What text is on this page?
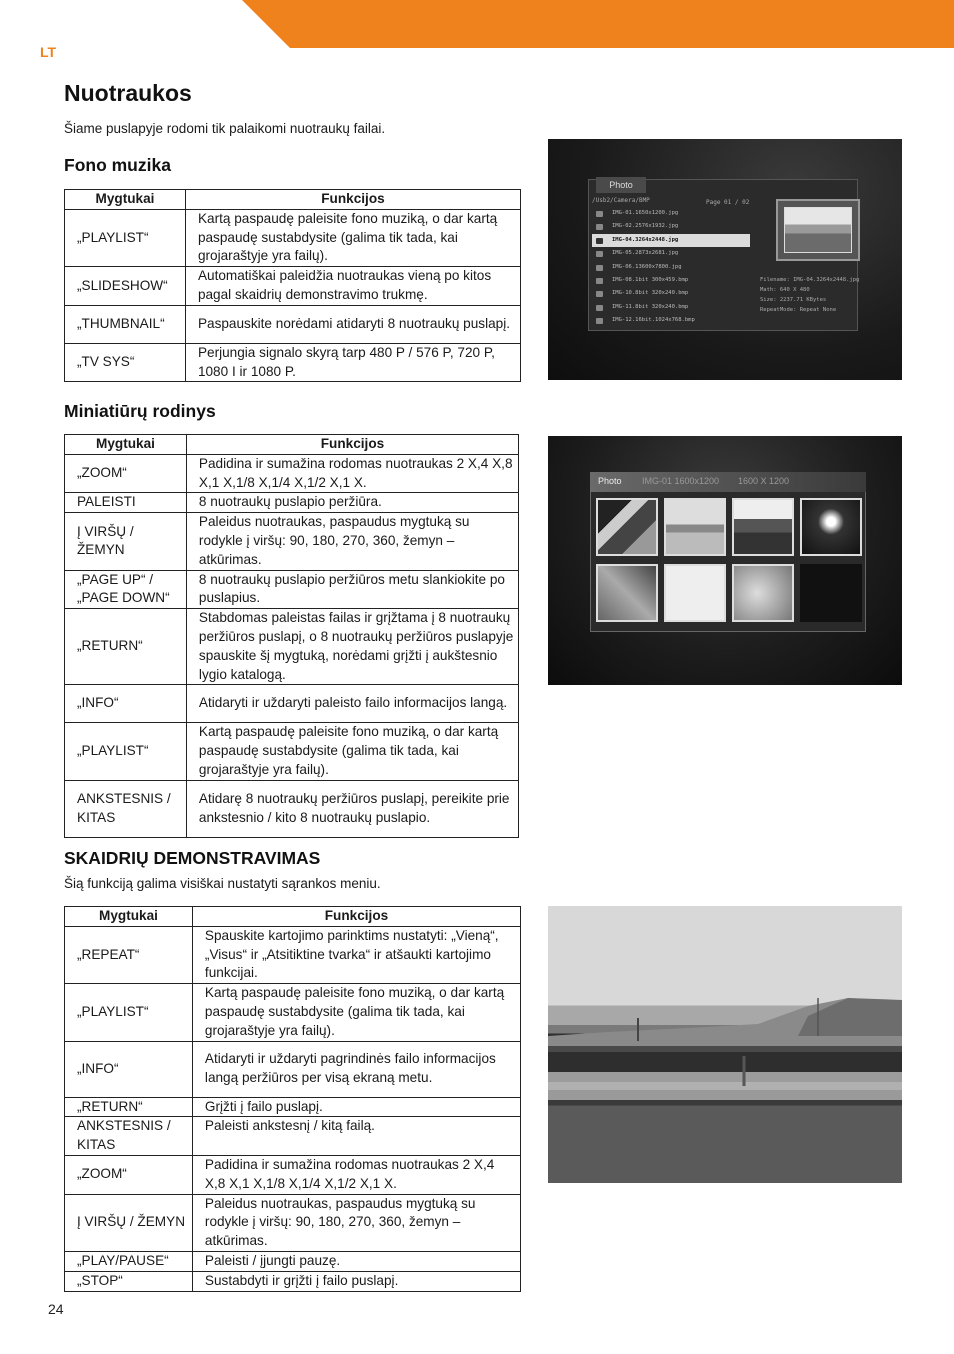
LT
Nuotraukos

Šiame puslapyje rodomi tik palaikomi nuotraukų failai.

Fono muzika
Mygtukai	Funkcijos
„PLAYLIST“	Kartą paspaudę paleisite fono muziką, o dar kartą paspaudę sustabdysite (galima tik tada, kai grojaraštyje yra failų).
„SLIDESHOW“	Automatiškai paleidžia nuotraukas vieną po kitos pagal skaidrių demonstravimo trukmę.
„THUMBNAIL“	Paspauskite norėdami atidaryti 8 nuotraukų puslapį.
„TV SYS“	Perjungia signalo skyrą tarp 480 P / 576 P, 720 P, 1080 I ir 1080 P.
Miniatiūrų rodinys
Mygtukai	Funkcijos
„ZOOM“	Padidina ir sumažina rodomas nuotraukas 2 X,4 X,8 X,1 X,1/8 X,1/4 X,1/2 X,1 X.
PALEISTI	8 nuotraukų puslapio peržiūra.
Į VIRŠŲ / ŽEMYN	Paleidus nuotraukas, paspaudus mygtuką su rodykle į viršų: 90, 180, 270, 360, žemyn – atkūrimas.
„PAGE UP“ / „PAGE DOWN“	8 nuotraukų puslapio peržiūros metu slankiokite po puslapius.
„RETURN“	Stabdomas paleistas failas ir grįžtama į 8 nuotraukų peržiūros puslapį, o 8 nuotraukų peržiūros puslapyje spauskite šį mygtuką, norėdami grįžti į aukštesnio lygio katalogą.
„INFO“	Atidaryti ir uždaryti paleisto failo informacijos langą.
„PLAYLIST“	Kartą paspaudę paleisite fono muziką, o dar kartą paspaudę sustabdysite (galima tik tada, kai grojaraštyje yra failų).
ANKSTESNIS / KITAS	Atidarę 8 nuotraukų peržiūros puslapį, pereikite prie ankstesnio / kito 8 nuotraukų puslapio.
SKAIDRIŲ DEMONSTRAVIMAS

Šią funkciją galima visiškai nustatyti sąrankos meniu.

Mygtukai	Funkcijos
„REPEAT“	Spauskite kartojimo parinktims nustatyti: „Vieną“,„Visus“ ir „Atsitiktine tvarka“ ir atšaukti kartojimo funkcijai.
„PLAYLIST“	Kartą paspaudę paleisite fono muziką, o dar kartą paspaudę sustabdysite (galima tik tada, kai grojaraštyje yra failų).
„INFO“	Atidaryti ir uždaryti pagrindinės failo informacijos langą peržiūros per visą ekraną metu.
„RETURN“	Grįžti į failo puslapį.
ANKSTESNIS / KITAS	Paleisti ankstesnį / kitą failą.
„ZOOM“	Padidina ir sumažina rodomas nuotraukas 2 X,4 X,8 X,1 X,1/8 X,1/4 X,1/2 X,1 X.
Į VIRŠŲ / ŽEMYN	Paleidus nuotraukas, paspaudus mygtuką su rodykle į viršų: 90, 180, 270, 360, žemyn – atkūrimas.
„PLAY/PAUSE“	Paleisti / įjungti pauzę.
„STOP“	Sustabdyti ir grįžti į failo puslapį.
Photo
/Usb2/Camera/BMP	Page 01 / 02
IMG-01.1650x1200.jpg
IMG-02.2576x1932.jpg
IMG-04.3264x2448.jpg
IMG-05.2873x2681.jpg
IMG-06.13600x7800.jpg
IMG-08.1bit 300x459.bmp
IMG-10.8bit 320x240.bmp
IMG-11.8bit 320x240.bmp
IMG-12.16bit.1024x768.bmp
Filename: IMG-04.3264x2448.jpg
Math: 640 X 480
Size: 2237.71 KBytes
RepeatMode: Repeat None
Photo IMG-01 1600x1200 1600 X 1200
24
